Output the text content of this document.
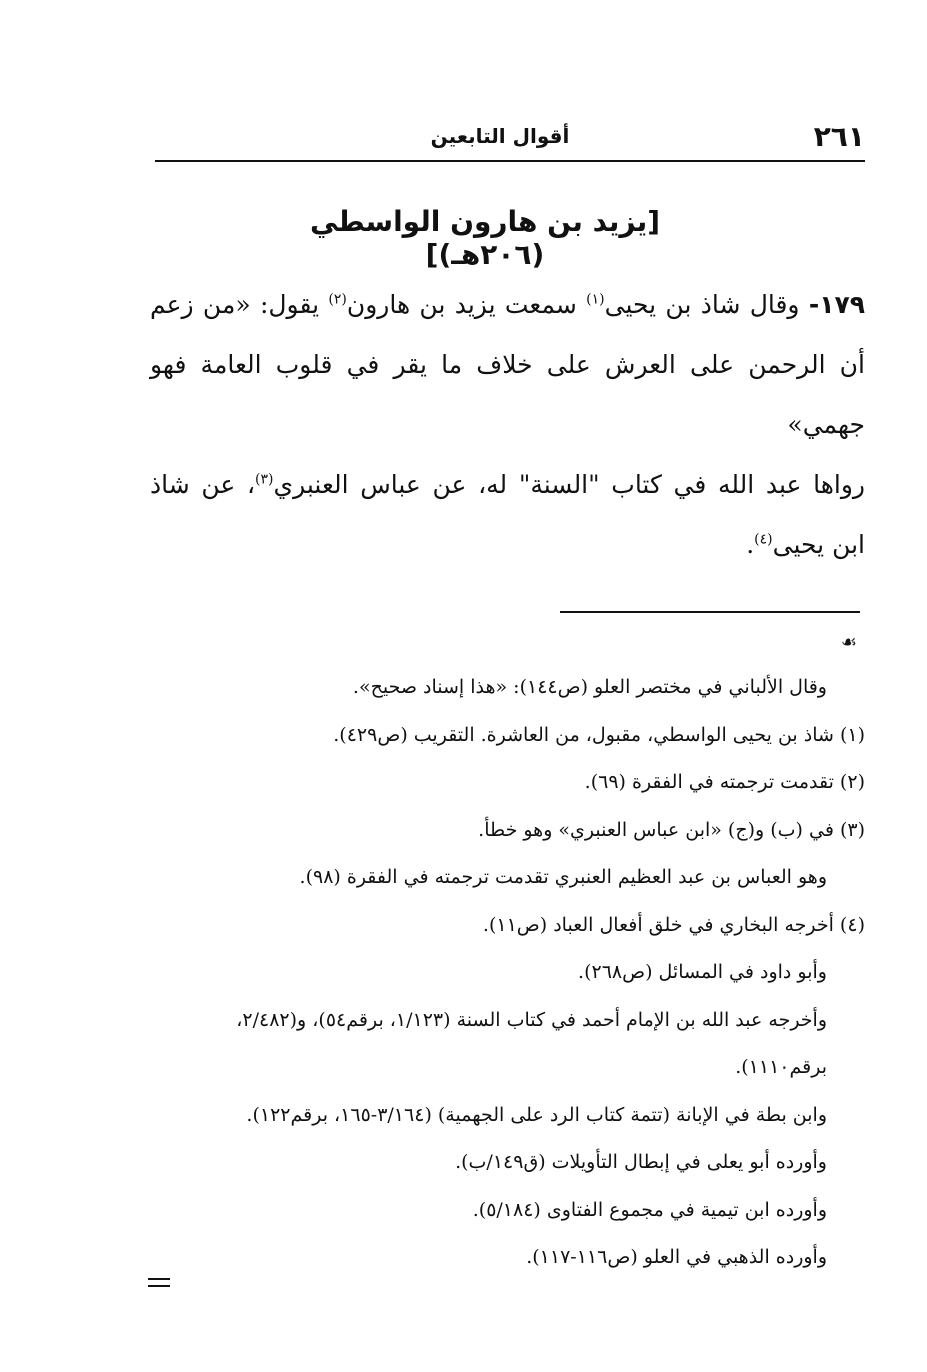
٢٦١
أقوال التابعين
[يزيد بن هارون الواسطي (٢٠٦هـ)]

١٧٩- وقال شاذ بن يحيى$^{(١)}$ سمعت يزيد بن هارون$^{(٢)}$ يقول: «من زعم أن الرحمن على العرش على خلاف ما يقر في قلوب العامة فهو جهمي»

رواها عبد الله في كتاب "السنة" له، عن عباس العنبري$^{(٣)}$، عن شاذ ابن يحيى$^{(٤)}$.

☙

وقال الألباني في مختصر العلو (ص١٤٤): «هذا إسناد صحيح».

(١) شاذ بن يحيى الواسطي، مقبول، من العاشرة. التقريب (ص٤٢٩).

(٢) تقدمت ترجمته في الفقرة (٦٩).

(٣) في (ب) و(ج) «ابن عباس العنبري» وهو خطأ.

وهو العباس بن عبد العظيم العنبري تقدمت ترجمته في الفقرة (٩٨).

(٤) أخرجه البخاري في خلق أفعال العباد (ص١١).

وأبو داود في المسائل (ص٢٦٨).

وأخرجه عبد الله بن الإمام أحمد في كتاب السنة (١/١٢٣، برقم٥٤)، و(٢/٤٨٢، برقم١١١٠).

وابن بطة في الإبانة (تتمة كتاب الرد على الجهمية) (٣/١٦٤-١٦٥، برقم١٢٢).

وأورده أبو يعلى في إبطال التأويلات (ق١٤٩/ب).

وأورده ابن تيمية في مجموع الفتاوى (٥/١٨٤).

وأورده الذهبي في العلو (ص١١٦-١١٧).
